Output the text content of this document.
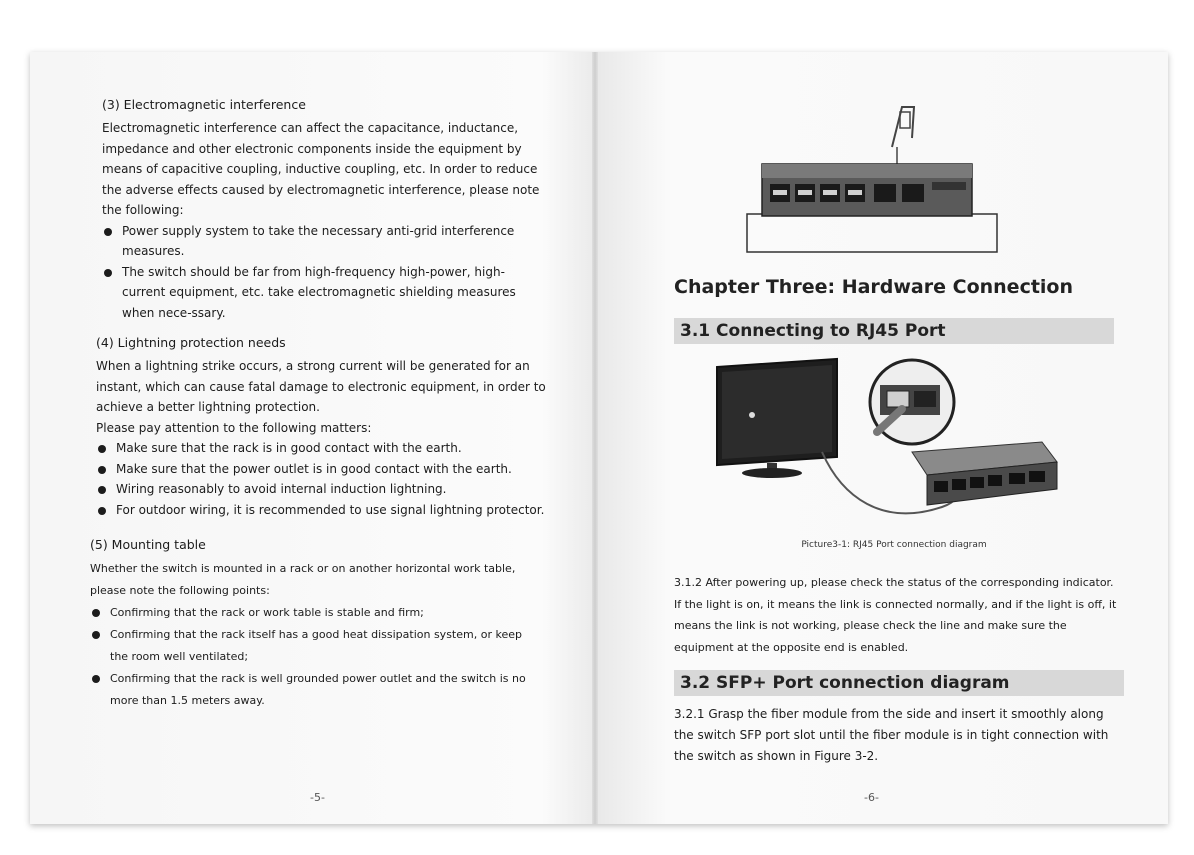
(3) Electromagnetic interference

Electromagnetic interference can affect the capacitance, inductance, impedance and other electronic components inside the equipment by means of capacitive coupling, inductive coupling, etc. In order to reduce the adverse effects caused by electromagnetic interference, please note the following:

Power supply system to take the necessary anti-grid interference measures.
The switch should be far from high-frequency high-power, high-current equipment, etc. take electromagnetic shielding measures when nece-ssary.
(4) Lightning protection needs

When a lightning strike occurs, a strong current will be generated for an instant, which can cause fatal damage to electronic equipment, in order to achieve a better lightning protection.

Please pay attention to the following matters:

Make sure that the rack is in good contact with the earth.
Make sure that the power outlet is in good contact with the earth.
Wiring reasonably to avoid internal induction lightning.
For outdoor wiring, it is recommended to use signal lightning protector.
(5) Mounting table

Whether the switch is mounted in a rack or on another horizontal work table, please note the following points:

Confirming that the rack or work table is stable and firm;
Confirming that the rack itself has a good heat dissipation system, or keep the room well ventilated;
Confirming that the rack is well grounded power outlet and the switch is no more than 1.5 meters away.
-5-
Chapter Three: Hardware Connection
3.1 Connecting to RJ45 Port
Picture3-1: RJ45 Port connection diagram

3.1.2 After powering up, please check the status of the corresponding indicator. If the light is on, it means the link is connected normally, and if the light is off, it means the link is not working, please check the line and make sure the equipment at the opposite end is enabled.

3.2 SFP+ Port connection diagram

3.2.1 Grasp the fiber module from the side and insert it smoothly along the switch SFP port slot until the fiber module is in tight connection with the switch as shown in Figure 3-2.

-6-
